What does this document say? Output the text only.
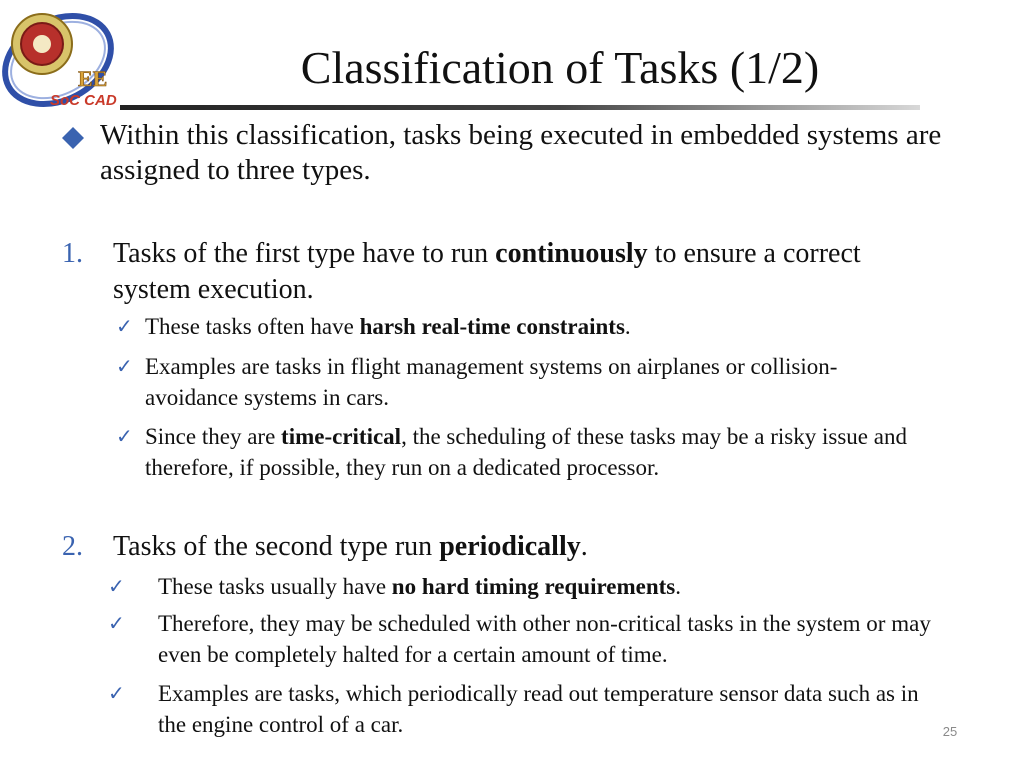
EE
SoC CAD
Classification of Tasks (1/2)
Within this classification, tasks being executed in embedded systems are assigned to three types.
1. Tasks of the first type have to run continuously to ensure a correct system execution.
✓ These tasks often have harsh real-time constraints.
✓ Examples are tasks in flight management systems on airplanes or collision-avoidance systems in cars.
✓ Since they are time-critical, the scheduling of these tasks may be a risky issue and therefore, if possible, they run on a dedicated processor.
2. Tasks of the second type run periodically.
✓ These tasks usually have no hard timing requirements.
✓ Therefore, they may be scheduled with other non-critical tasks in the system or may even be completely halted for a certain amount of time.
✓ Examples are tasks, which periodically read out temperature sensor data such as in the engine control of a car.	25
